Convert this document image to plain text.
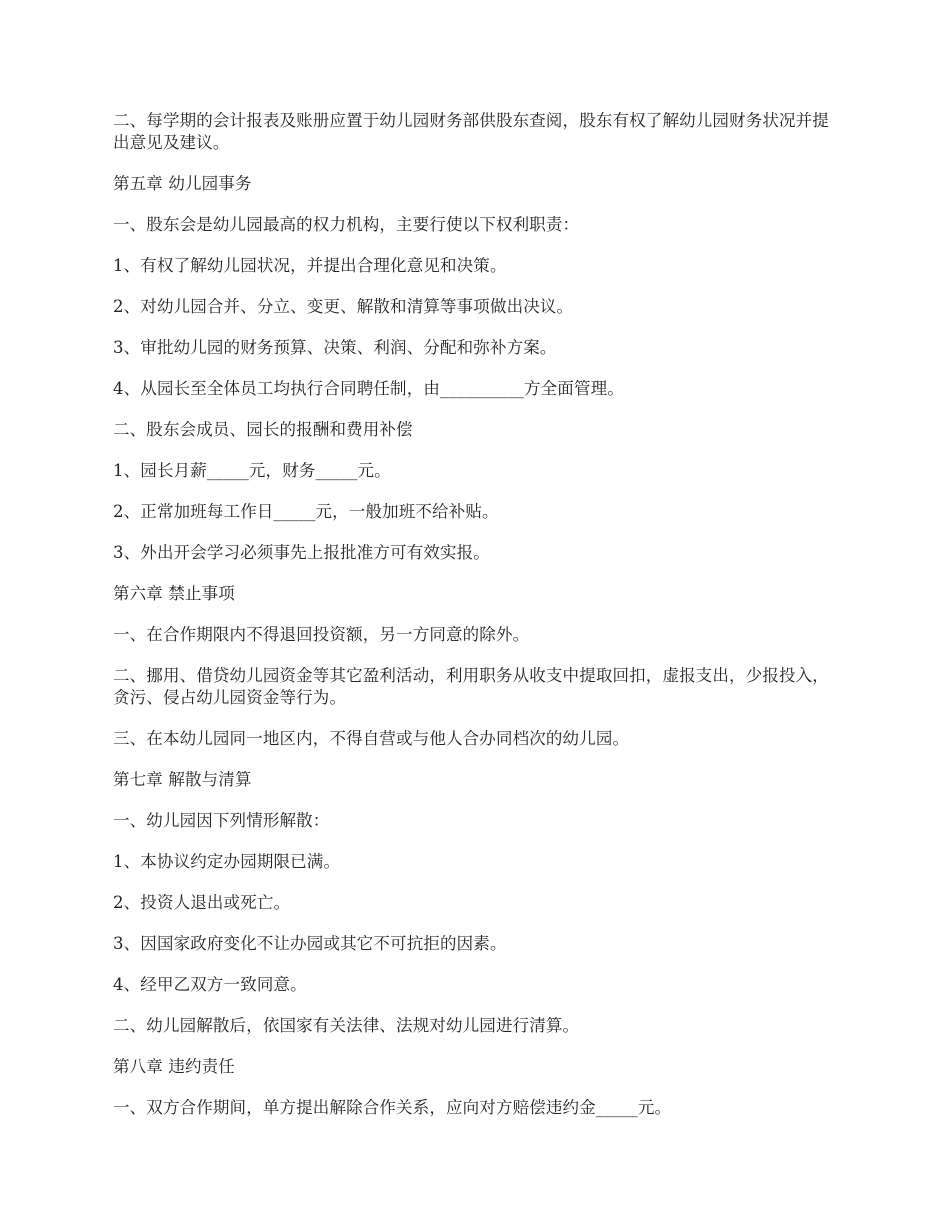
二、每学期的会计报表及账册应置于幼儿园财务部供股东查阅，股东有权了解幼儿园财务状况并提出意见及建议。

第五章 幼儿园事务

一、股东会是幼儿园最高的权力机构，主要行使以下权利职责：

1、有权了解幼儿园状况，并提出合理化意见和决策。

2、对幼儿园合并、分立、变更、解散和清算等事项做出决议。

3、审批幼儿园的财务预算、决策、利润、分配和弥补方案。

4、从园长至全体员工均执行合同聘任制，由__________方全面管理。

二、股东会成员、园长的报酬和费用补偿

1、园长月薪_____元，财务_____元。

2、正常加班每工作日_____元，一般加班不给补贴。

3、外出开会学习必须事先上报批准方可有效实报。

第六章 禁止事项

一、在合作期限内不得退回投资额，另一方同意的除外。

二、挪用、借贷幼儿园资金等其它盈利活动，利用职务从收支中提取回扣，虚报支出，少报投入，贪污、侵占幼儿园资金等行为。

三、在本幼儿园同一地区内，不得自营或与他人合办同档次的幼儿园。

第七章 解散与清算

一、幼儿园因下列情形解散：

1、本协议约定办园期限已满。

2、投资人退出或死亡。

3、因国家政府变化不让办园或其它不可抗拒的因素。

4、经甲乙双方一致同意。

二、幼儿园解散后，依国家有关法律、法规对幼儿园进行清算。

第八章 违约责任

一、双方合作期间，单方提出解除合作关系，应向对方赔偿违约金_____元。
